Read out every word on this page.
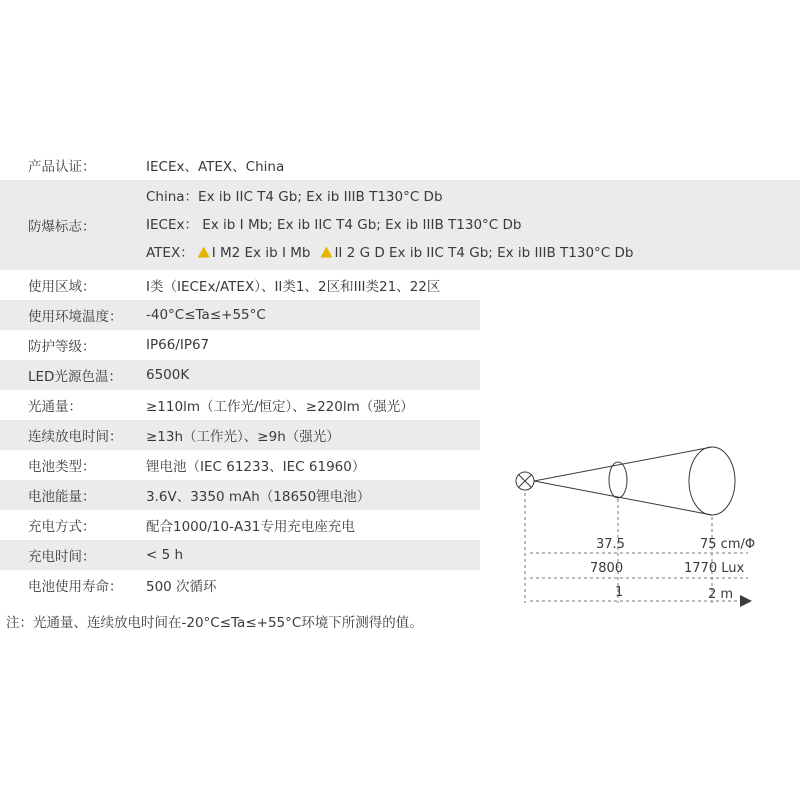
产品认证：	IECEx、ATEX、China
防爆标志：
China：Ex ib IIC T4 Gb; Ex ib IIIB T130°C Db
IECEx： Ex ib I Mb; Ex ib IIC T4 Gb; Ex ib IIIB T130°C Db
ATEX： I M2 Ex ib I Mb II 2 G D Ex ib IIC T4 Gb; Ex ib IIIB T130°C Db
使用区域：	I类（IECEx/ATEX）、II类1、2区和III类21、22区
使用环境温度： -40°C≤Ta≤+55°C
防护等级：	IP66/IP67
LED光源色温： 6500K
光通量：	≥110lm（工作光/恒定）、≥220lm（强光）
连续放电时间： ≥13h（工作光）、≥9h（强光）
电池类型：	锂电池（IEC 61233、IEC 61960）
电池能量：	3.6V、3350 mAh（18650锂电池）
充电方式：	配合1000/10-A31专用充电座充电
充电时间：	< 5 h
电池使用寿命： 500 次循环
注：光通量、连续放电时间在-20°C≤Ta≤+55°C环境下所测得的值。
37.5	75 cm/Φ
7800	1770 Lux
1	2 m
